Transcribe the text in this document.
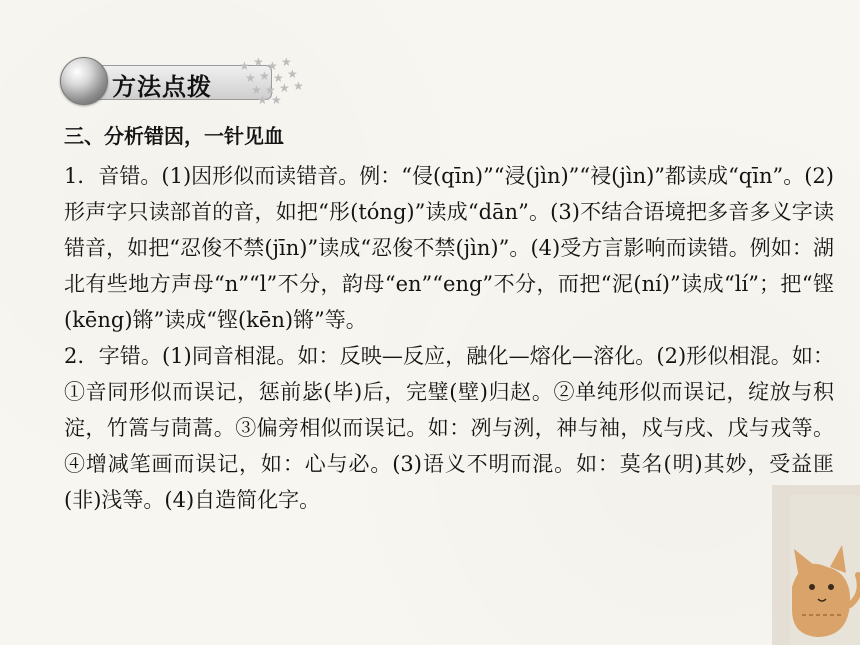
方法点拨
★ ★ ★ ★
★ ★ ★ ★
★ ★ ★ ★
★ ★

三、分析错因，一针见血

1．音错。(1)因形似而读错音。例：“侵(qīn)”“浸(jìn)”“祲(jìn)”都读成“qīn”。(2)形声字只读部首的音，如把“彤(tóng)”读成“dān”。(3)不结合语境把多音多义字读错音，如把“忍俊不禁(jīn)”读成“忍俊不禁(jìn)”。(4)受方言影响而读错。例如：湖北有些地方声母“n”“l”不分，韵母“en”“eng”不分，而把“泥(ní)”读成“lí”；把“铿(kēng)锵”读成“铿(kēn)锵”等。

2．字错。(1)同音相混。如：反映—反应，融化—熔化—溶化。(2)形似相混。如：①音同形似而误记，惩前毖(毕)后，完璧(壁)归赵。②单纯形似而误记，绽放与积淀，竹篙与茼蒿。③偏旁相似而误记。如：冽与洌，神与袖，戍与戌、戊与戎等。④增减笔画而误记，如：心与必。(3)语义不明而混。如：莫名(明)其妙，受益匪(非)浅等。(4)自造简化字。
